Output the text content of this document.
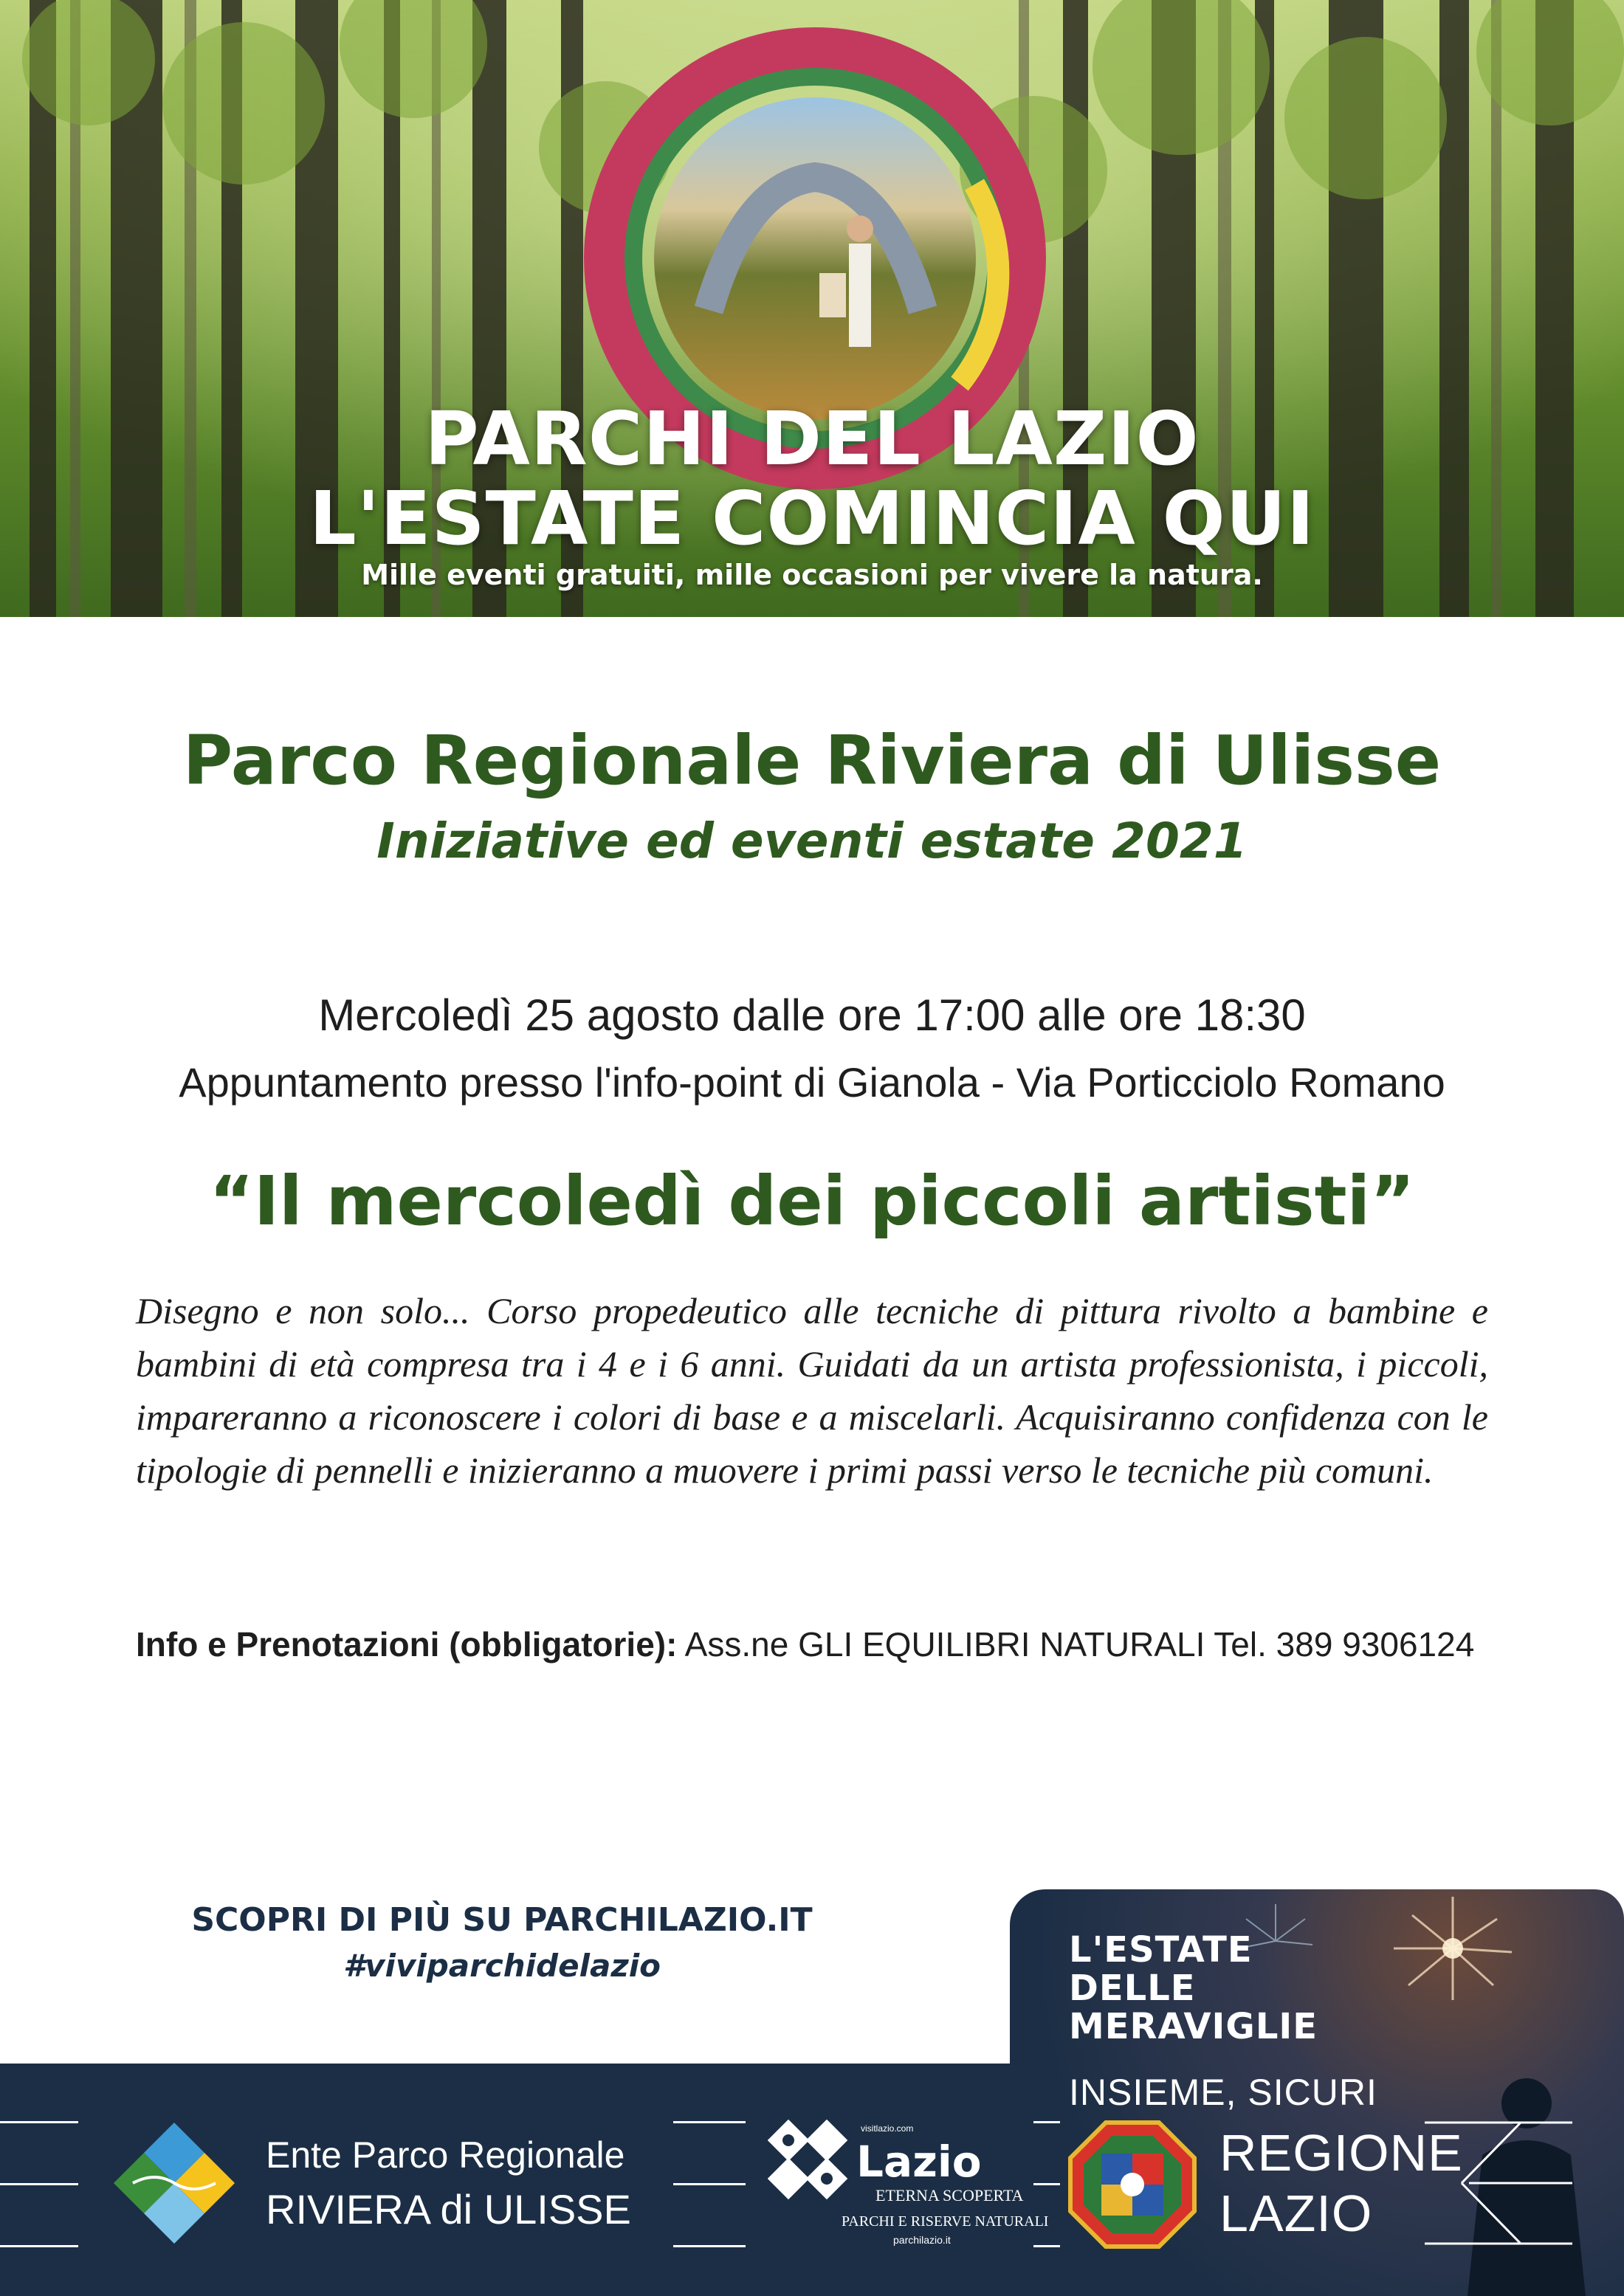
PARCHI DEL LAZIO
L'ESTATE COMINCIA QUI
Mille eventi gratuiti, mille occasioni per vivere la natura.
Parco Regionale Riviera di Ulisse
Iniziative ed eventi estate 2021
Mercoledì 25 agosto dalle ore 17:00 alle ore 18:30
Appuntamento presso l'info-point di Gianola - Via Porticciolo Romano
“Il mercoledì dei piccoli artisti”
Disegno e non solo... Corso propedeutico alle tecniche di pittura rivolto a bambine e bambini di età compresa tra i 4 e i 6 anni. Guidati da un artista professionista, i piccoli, impareranno a riconoscere i colori di base e a miscelarli. Acquisiranno confidenza con le tipologie di pennelli e inizieranno a muovere i primi passi verso le tecniche più comuni.
Info e Prenotazioni (obbligatorie): Ass.ne GLI EQUILIBRI NATURALI Tel. 389 9306124
SCOPRI DI PIÙ SU PARCHILAZIO.IT
#viviparchidelazio	L'ESTATE
DELLE
MERAVIGLIE
INSIEME, SICURI
Ente Parco Regionale
RIVIERA di ULISSE
visitlazio.com
Lazio
ETERNA SCOPERTA
PARCHI E RISERVE NATURALI
parchilazio.it
REGIONE
LAZIO
